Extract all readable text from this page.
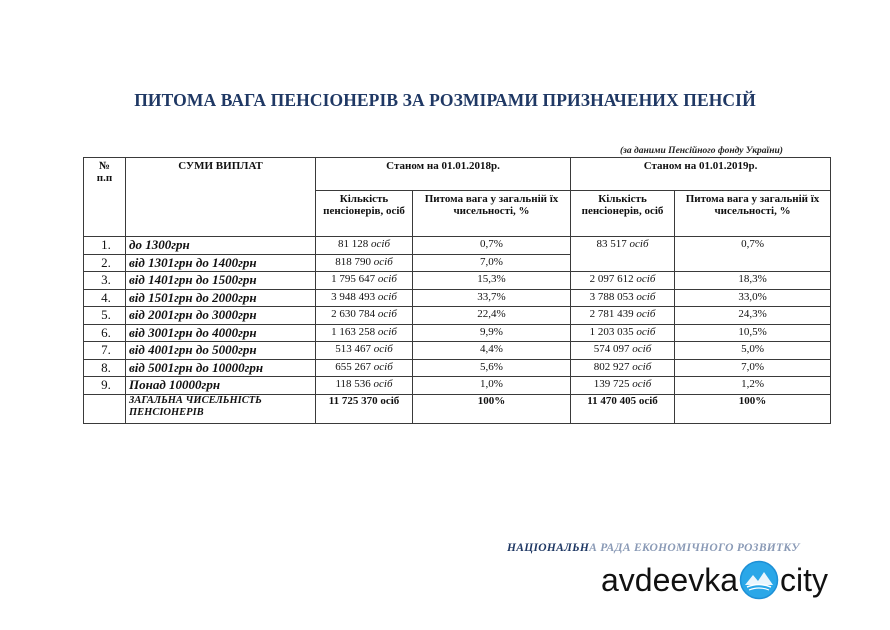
ПИТОМА ВАГА ПЕНСІОНЕРІВ ЗА РОЗМІРАМИ ПРИЗНАЧЕНИХ ПЕНСІЙ
(за даними Пенсійного фонду України)
№
п.п	СУМИ ВИПЛАТ	Станом на 01.01.2018р.		Станом на 01.01.2019р.	
		Кількість пенсіонерів, осіб	Питома вага у загальній їх чисельності, %	Кількість пенсіонерів, осіб	Питома вага у загальній їх чисельності, %
1.	до 1300грн	81 128 осіб	0,7%	83 517 осіб	0,7%
2.	від 1301грн до 1400грн	818 790 осіб	7,0%		
3.	від 1401грн до 1500грн	1 795 647 осіб	15,3%	2 097 612 осіб	18,3%
4.	від 1501грн до 2000грн	3 948 493 осіб	33,7%	3 788 053 осіб	33,0%
5.	від 2001грн до 3000грн	2 630 784 осіб	22,4%	2 781 439 осіб	24,3%
6.	від 3001грн до 4000грн	1 163 258 осіб	9,9%	1 203 035 осіб	10,5%
7.	від 4001грн до 5000грн	513 467 осіб	4,4%	574 097 осіб	5,0%
8.	від 5001грн до 10000грн	655 267 осіб	5,6%	802 927 осіб	7,0%
9.	Понад 10000грн	118 536 осіб	1,0%	139 725 осіб	1,2%
	ЗАГАЛЬНА ЧИСЕЛЬНІСТЬ ПЕНСІОНЕРІВ	11 725 370 осіб	100%	11 470 405 осіб	100%
НАЦІОНАЛЬНА РАДА ЕКОНОМІЧНОГО РОЗВИТКУ
avdeevka city
